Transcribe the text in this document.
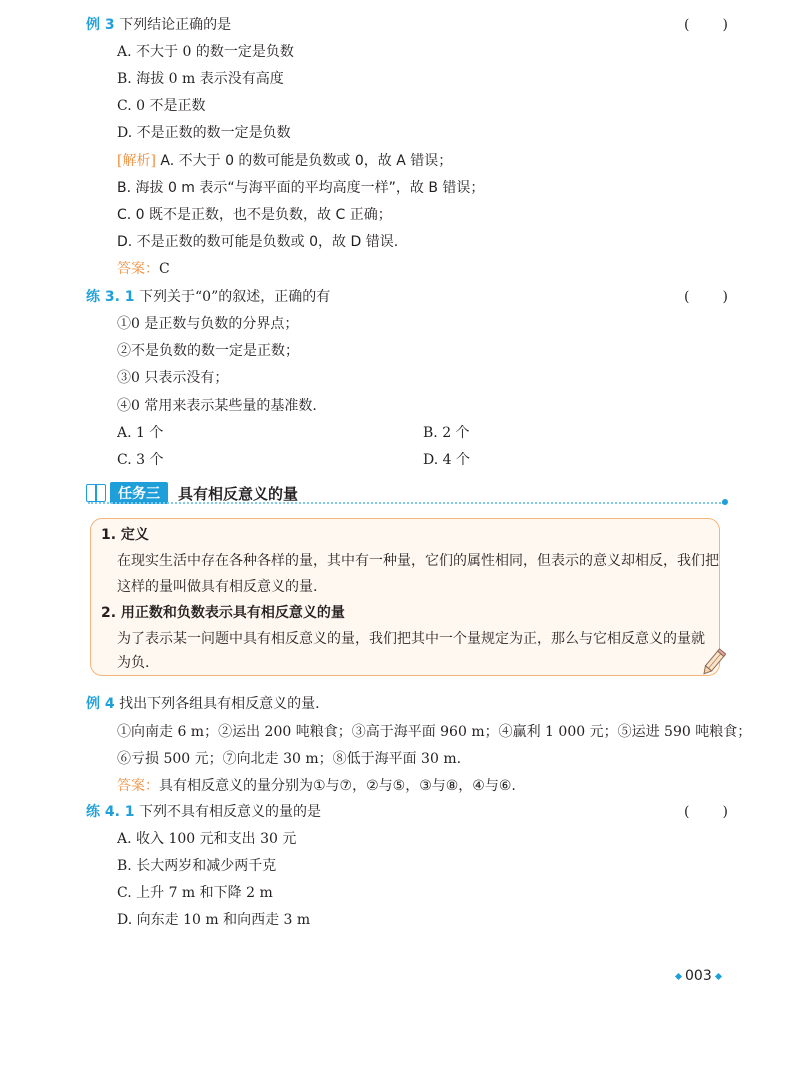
例 3 下列结论正确的是	( )
A. 不大于 0 的数一定是负数
B. 海拔 0 m 表示没有高度
C. 0 不是正数
D. 不是正数的数一定是负数
[解析] A. 不大于 0 的数可能是负数或 0，故 A 错误；
B. 海拔 0 m 表示“与海平面的平均高度一样”，故 B 错误；
C. 0 既不是正数，也不是负数，故 C 正确；
D. 不是正数的数可能是负数或 0，故 D 错误.
答案：C
练 3. 1 下列关于“0”的叙述，正确的有	( )
①0 是正数与负数的分界点；
②不是负数的数一定是正数；
③0 只表示没有；
④0 常用来表示某些量的基准数.
A. 1 个	B. 2 个
C. 3 个	D. 4 个
任务三	具有相反意义的量
1. 定义
在现实生活中存在各种各样的量，其中有一种量，它们的属性相同，但表示的意义却相反，我们把
这样的量叫做具有相反意义的量.
2. 用正数和负数表示具有相反意义的量
为了表示某一问题中具有相反意义的量，我们把其中一个量规定为正，那么与它相反意义的量就
为负.
例 4 找出下列各组具有相反意义的量.
①向南走 6 m；②运出 200 吨粮食；③高于海平面 960 m；④赢利 1 000 元；⑤运进 590 吨粮食；
⑥亏损 500 元；⑦向北走 30 m；⑧低于海平面 30 m.
答案：具有相反意义的量分别为①与⑦，②与⑤，③与⑧，④与⑥.
练 4. 1 下列不具有相反意义的量的是	( )
A. 收入 100 元和支出 30 元
B. 长大两岁和减少两千克
C. 上升 7 m 和下降 2 m
D. 向东走 10 m 和向西走 3 m
003
